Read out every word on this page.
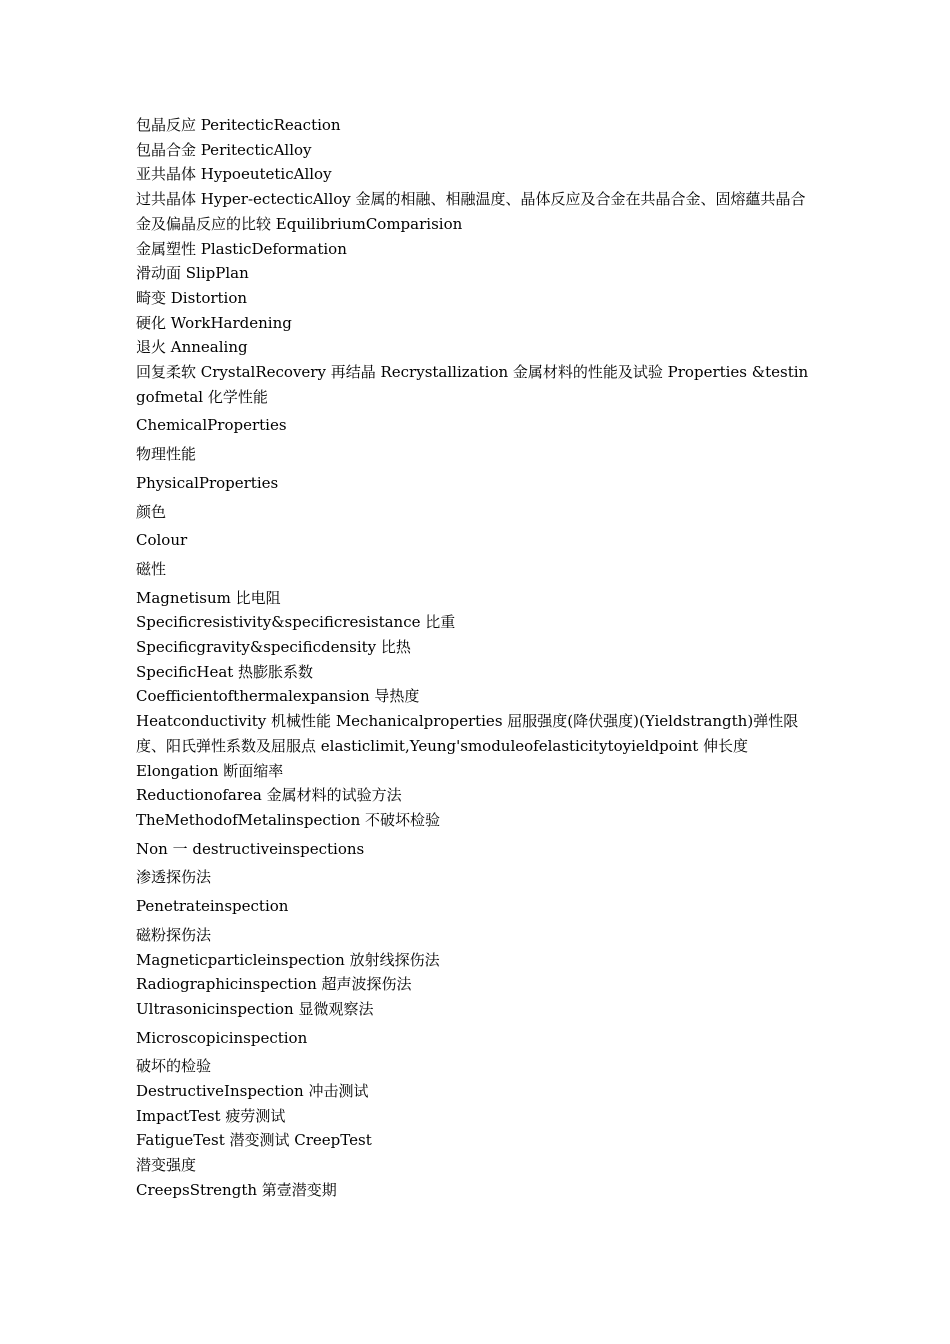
包晶反应 PeritecticReaction
包晶合金 PeritecticAlloy
亚共晶体 HypoeuteticAlloy
过共晶体 Hyper-ectecticAlloy 金属的相融、相融温度、晶体反应及合金在共晶合金、固熔蘊共晶合金及偏晶反应的比较 EquilibriumComparision
金属塑性 PlasticDeformation
滑动面 SlipPlan
畸变 Distortion
硬化 WorkHardening
退火 Annealing
回复柔软 CrystalRecovery 再结晶 Recrystallization 金属材料的性能及试验 Properties &testingofmetal 化学性能
ChemicalProperties
物理性能
PhysicalProperties
颜色
Colour
磁性
Magnetisum 比电阻
Specificresistivity&specificresistance 比重
Specificgravity&specificdensity 比热
SpecificHeat 热膨胀系数
Coefficientofthermalexpansion 导热度
Heatconductivity 机械性能 Mechanicalproperties 屈服强度(降伏强度)(Yieldstrangth)弹性限度、阳氏弹性系数及屈服点 elasticlimit,Yeung'smoduleofelasticitytoyieldpoint 伸长度
Elongation 断面缩率
Reductionofarea 金属材料的试验方法
TheMethodofMetalinspection 不破坏检验
Non 一 destructiveinspections
渗透探伤法
Penetrateinspection
磁粉探伤法
Magneticparticleinspection 放射线探伤法
Radiographicinspection 超声波探伤法
Ultrasonicinspection 显微观察法
Microscopicinspection
破坏的检验
DestructiveInspection 冲击测试
ImpactTest 疲劳测试
FatigueTest 潜变测试 CreepTest
潜变强度
CreepsStrength 第壹潜变期
